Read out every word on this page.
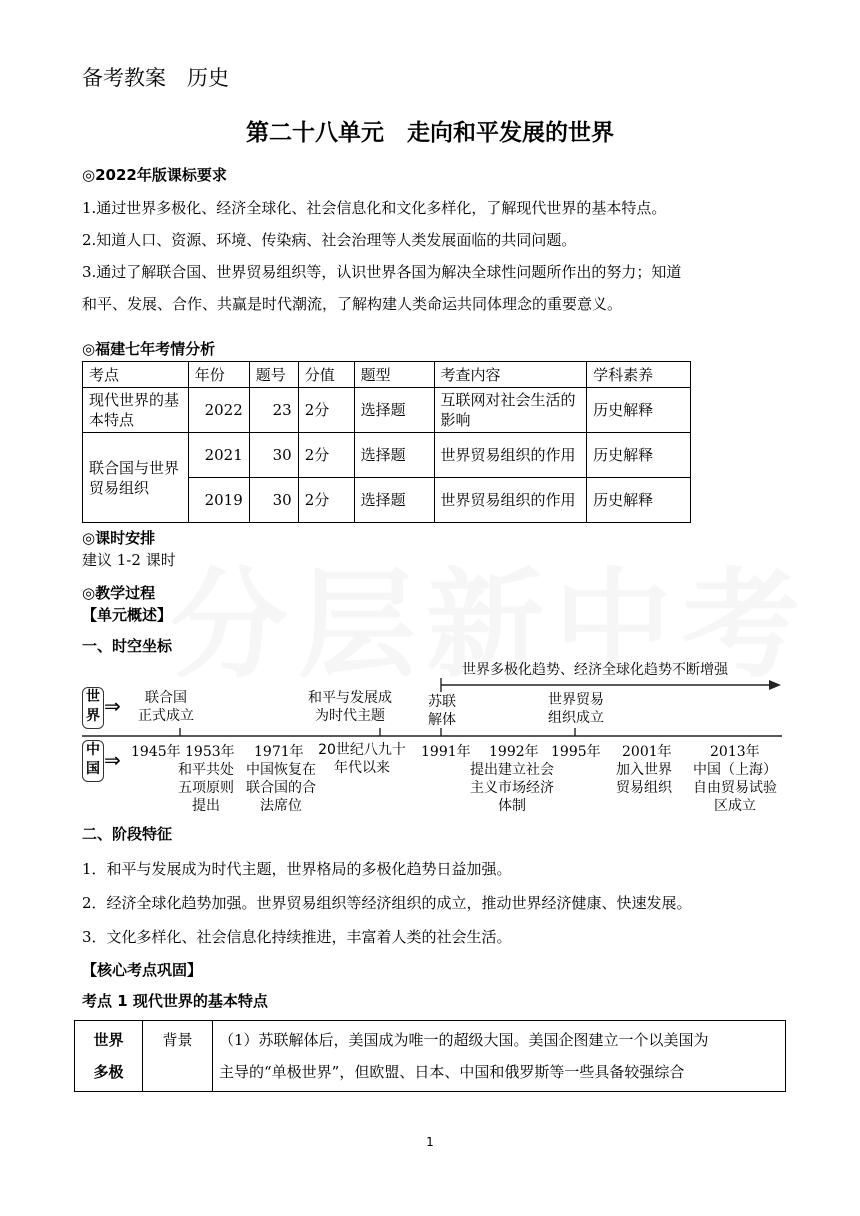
备考教案　历史
第二十八单元　走向和平发展的世界
◎2022年版课标要求
1.通过世界多极化、经济全球化、社会信息化和文化多样化，了解现代世界的基本特点。
2.知道人口、资源、环境、传染病、社会治理等人类发展面临的共同问题。
3.通过了解联合国、世界贸易组织等，认识世界各国为解决全球性问题所作出的努力；知道
和平、发展、合作、共赢是时代潮流，了解构建人类命运共同体理念的重要意义。
◎福建七年考情分析
考点	年份	题号	分值	题型	考查内容	学科素养
现代世界的基本特点	2022	23	2分	选择题	互联网对社会生活的影响	历史解释
联合国与世界贸易组织	2021	30	2分	选择题	世界贸易组织的作用	历史解释
	2019	30	2分	选择题	世界贸易组织的作用	历史解释
◎课时安排
建议 1-2 课时
◎教学过程
【单元概述】
一、时空坐标
世
界 ⇒
中
国 ⇒
世界多极化趋势、经济全球化趋势不断增强
联合国
正式成立
和平与发展成
为时代主题
苏联
解体
世界贸易
组织成立
1945年 1953年 1971年	20世纪八九十
年代以来
1991年 1992年 1995年 2001年	2013年
和平共处
五项原则
提出
中国恢复在
联合国的合
法席位
提出建立社会
主义市场经济
体制
加入世界
贸易组织
中国（上海）
自由贸易试验
区成立
二、阶段特征
1．和平与发展成为时代主题，世界格局的多极化趋势日益加强。
2．经济全球化趋势加强。世界贸易组织等经济组织的成立，推动世界经济健康、快速发展。
3．文化多样化、社会信息化持续推进，丰富着人类的社会生活。
【核心考点巩固】
考点 1 现代世界的基本特点
世界
多极
	背景	（1）苏联解体后，美国成为唯一的超级大国。美国企图建立一个以美国为
主导的“单极世界”，但欧盟、日本、中国和俄罗斯等一些具备较强综合
1
